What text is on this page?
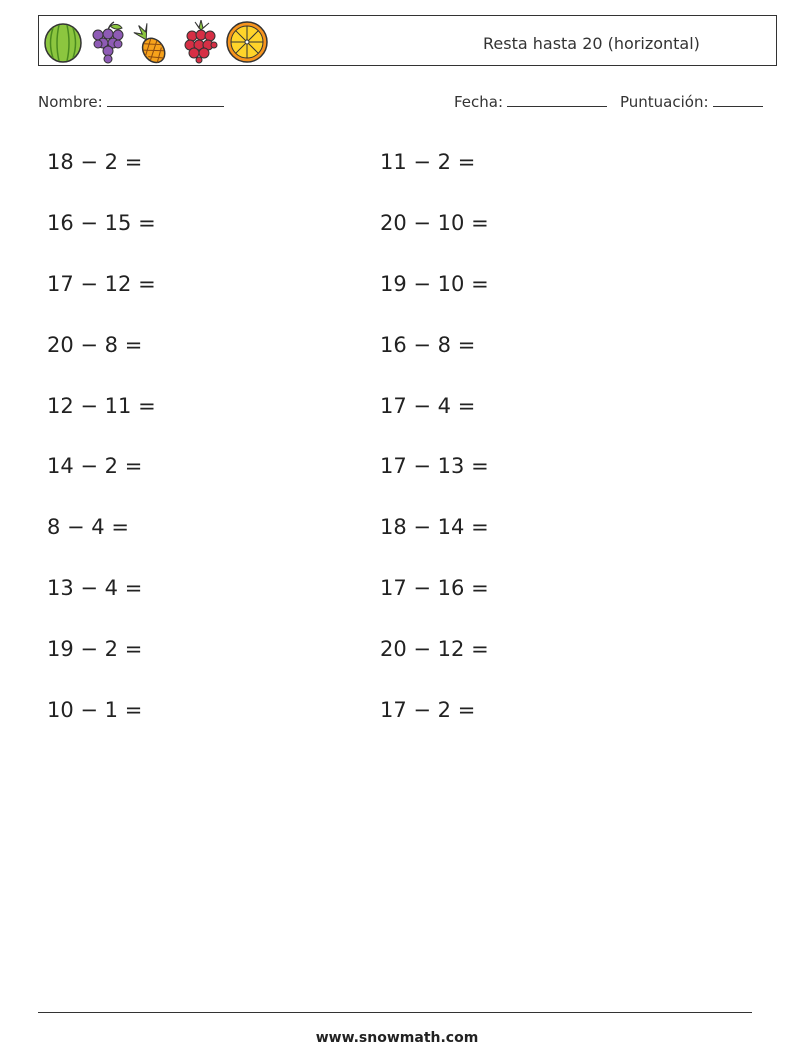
Resta hasta 20 (horizontal)
Nombre:	Fecha:	Puntuación:
18 − 2 =	11 − 2 =
16 − 15 =	20 − 10 =
17 − 12 =	19 − 10 =
20 − 8 =	16 − 8 =
12 − 11 =	17 − 4 =
14 − 2 =	17 − 13 =
8 − 4 =	18 − 14 =
13 − 4 =	17 − 16 =
19 − 2 =	20 − 12 =
10 − 1 =	17 − 2 =
www.snowmath.com
